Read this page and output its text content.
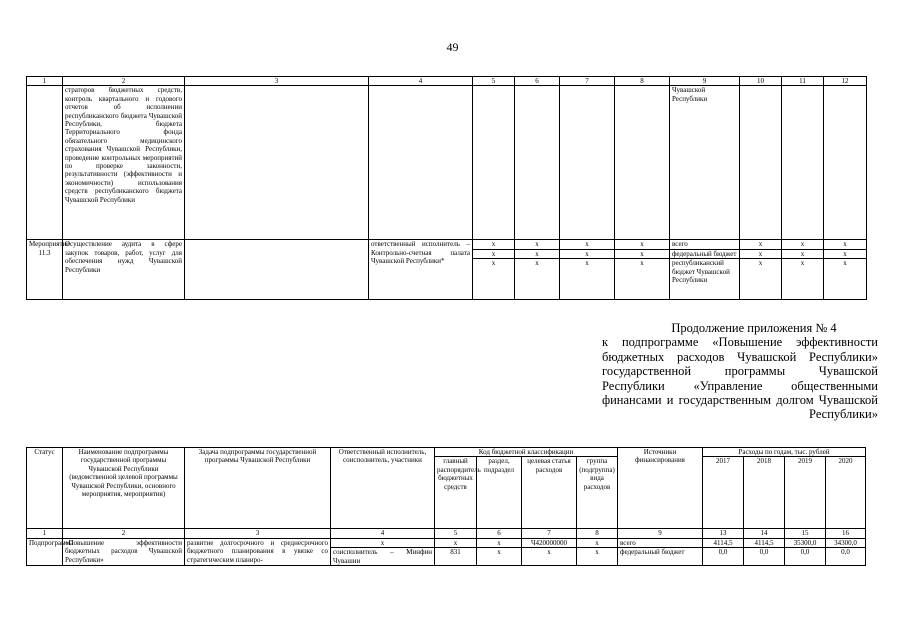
49
1	2	3	4	5	6	7	8	9	10	11	12
	страторов бюджетных средств, контроль квартального и годового отчетов об исполнении республиканского бюджета Чувашской Республики, бюджета Территориального фонда обязательного медицинского страхования Чувашской Республики, проведение контрольных мероприятий по проверке законности, результативности (эффективности и экономичности) использования средств республиканского бюджета Чувашской Республики							Чувашской Республики			
Мероприятие 11.3	Осуществление аудита в сфере закупок товаров, работ, услуг для обеспечения нужд Чувашской Республики		ответственный исполнитель – Контрольно-счетная палата Чувашской Республики*	х	х	х	х	всего	х	х	х
				х	х	х	х	федеральный бюджет	х	х	х
				х	х	х	х	республиканский бюджет Чувашской Республики	х	х	х
Продолжение приложения № 4
к подпрограмме «Повышение эффективности бюджетных расходов Чувашской Республики» государственной программы Чувашской Республики «Управление общественными финансами и государственным долгом Чувашской Республики»
Статус	Наименование подпрограммы государственной программы Чувашской Республики (ведомственной целевой программы Чувашской Республики, основного мероприятия, мероприятия)	Задача подпрограммы государственной программы Чувашской Республики	Ответственный исполнитель, соисполнитель, участники	Код бюджетной классификации				Источники финансирования	Расходы по годам, тыс. рублей			
				главный распорядитель бюджетных средств	раздел, подраздел	целевая статья расходов	группа (подгруппа) вида расходов		2017	2018	2019	2020
1	2	3	4	5	6	7	8	9	13	14	15	16
Подпрограмма	«Повышение эффективности бюджетных расходов Чувашской Республики»	развитие долгосрочного и среднесрочного бюджетного планирования в увязке со стратегическим планиро-	х	х	х	Ч420000000	х	всего	4114,5	4114,5	35300,0	34300,0
			соисполнитель – Минфин Чувашии	831	х	х	х	федеральный бюджет	0,0	0,0	0,0	0,0
